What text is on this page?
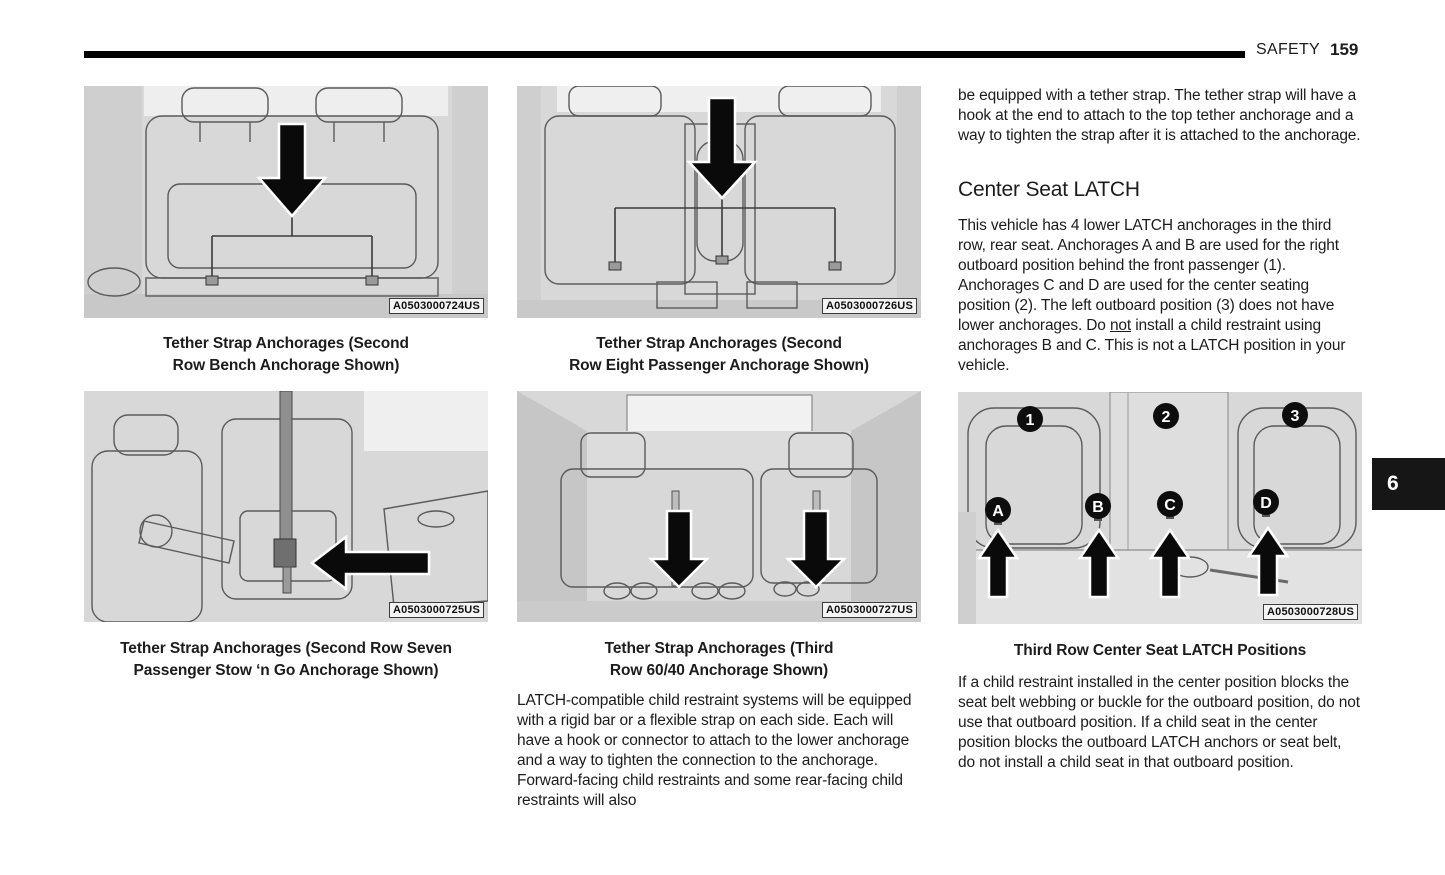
SAFETY 159
6
A0503000724US
Tether Strap Anchorages (Second
Row Bench Anchorage Shown)
A0503000725US
Tether Strap Anchorages (Second Row Seven
Passenger Stow ‘n Go Anchorage Shown)
A0503000726US
Tether Strap Anchorages (Second
Row Eight Passenger Anchorage Shown)
A0503000727US
Tether Strap Anchorages (Third
Row 60/40 Anchorage Shown)

LATCH-compatible child restraint systems will be equipped with a rigid bar or a flexible strap on each side. Each will have a hook or connector to attach to the lower anchorage and a way to tighten the connection to the anchorage. Forward-facing child restraints and some rear-facing child restraints will also

be equipped with a tether strap. The tether strap will have a hook at the end to attach to the top tether anchorage and a way to tighten the strap after it is attached to the anchorage.

Center Seat LATCH

This vehicle has 4 lower LATCH anchorages in the third row, rear seat. Anchorages A and B are used for the right outboard position behind the front passenger (1). Anchorages C and D are used for the center seating position (2). The left outboard position (3) does not have lower anchorages. Do not install a child restraint using anchorages B and C. This is not a LATCH position in your vehicle.

1	2	3
A	B	C	D
A0503000728US
Third Row Center Seat LATCH Positions

If a child restraint installed in the center position blocks the seat belt webbing or buckle for the outboard position, do not use that outboard position. If a child seat in the center position blocks the outboard LATCH anchors or seat belt, do not install a child seat in that outboard position.
